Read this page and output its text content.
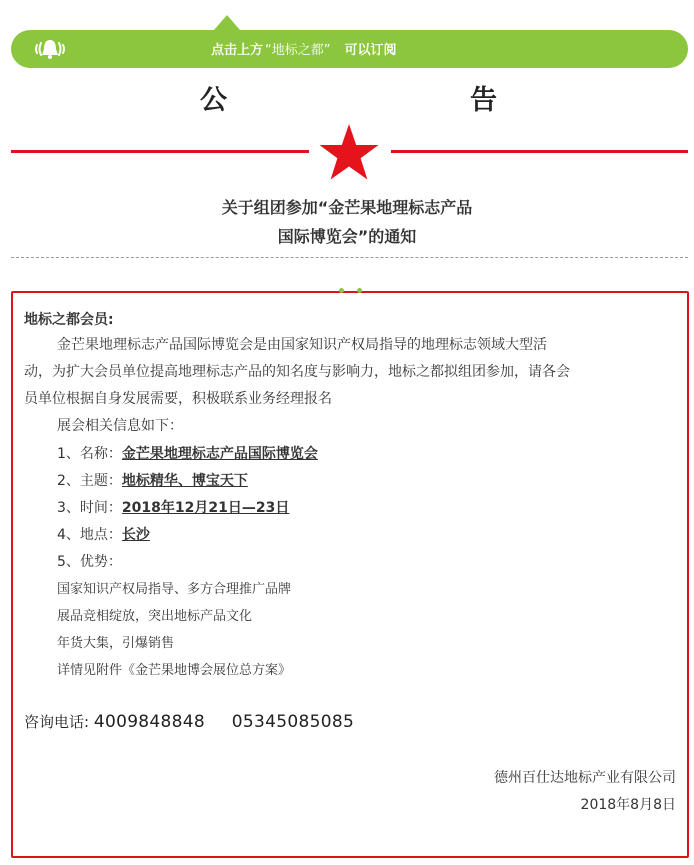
点击上方 “地标之都” 可以订阅
公	告
关于组团参加“金芒果地理标志产品
国际博览会”的通知
地标之都会员:
金芒果地理标志产品国际博览会是由国家知识产权局指导的地理标志领域大型活
动，为扩大会员单位提高地理标志产品的知名度与影响力，地标之都拟组团参加，请各会
员单位根据自身发展需要，积极联系业务经理报名
展会相关信息如下：
1、名称：金芒果地理标志产品国际博览会
2、主题：地标精华、博宝天下
3、时间：2018年12月21日—23日
4、地点：长沙
5、优势：
国家知识产权局指导、多方合理推广品牌
展品竞相绽放，突出地标产品文化
年货大集，引爆销售
详情见附件《金芒果地博会展位总方案》
咨询电话: 4009848848 05345085085
德州百仕达地标产业有限公司
2018年8月8日
